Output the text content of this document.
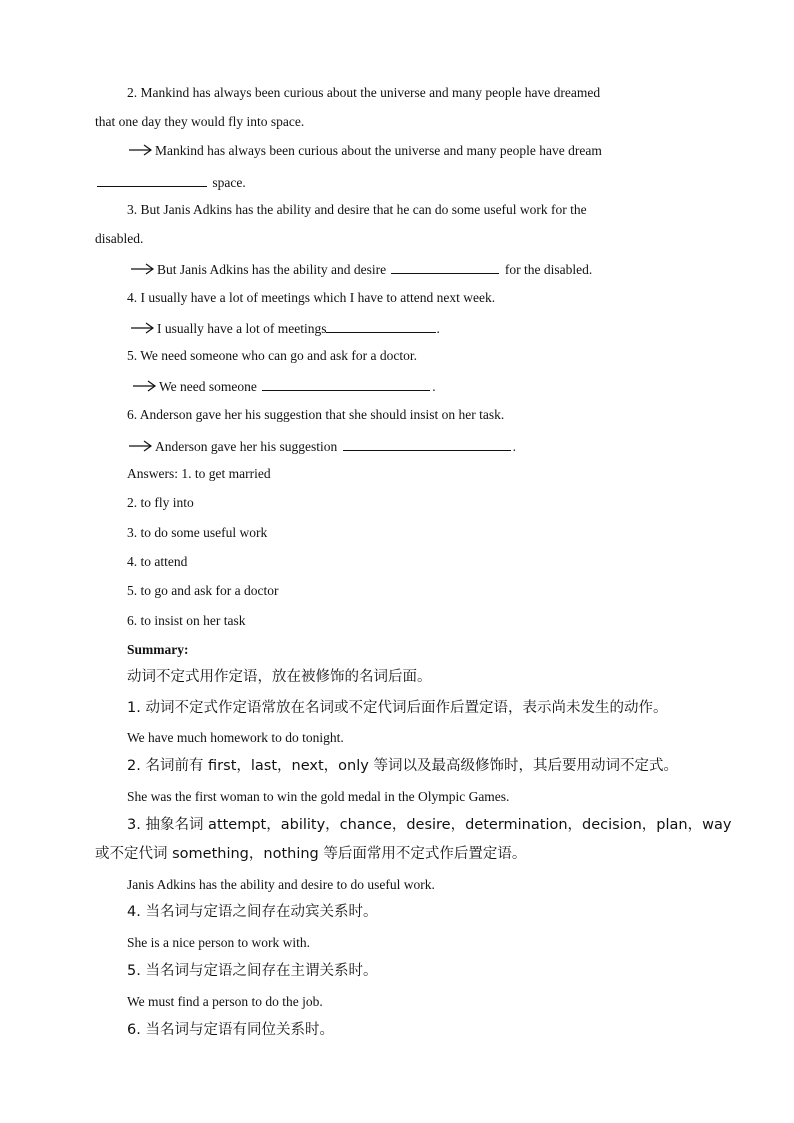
2. Mankind has always been curious about the universe and many people have dreamed
that one day they would fly into space.
Mankind has always been curious about the universe and many people have dream
space.
3. But Janis Adkins has the ability and desire that he can do some useful work for the
disabled.
But Janis Adkins has the ability and desire	for the disabled.
4. I usually have a lot of meetings which I have to attend next week.
I usually have a lot of meetings	.
5. We need someone who can go and ask for a doctor.
We need someone	.
6. Anderson gave her his suggestion that she should insist on her task.
Anderson gave her his suggestion	.
Answers: 1. to get married
2. to fly into
3. to do some useful work
4. to attend
5. to go and ask for a doctor
6. to insist on her task
Summary:
动词不定式用作定语，放在被修饰的名词后面。
1. 动词不定式作定语常放在名词或不定代词后面作后置定语，表示尚未发生的动作。
We have much homework to do tonight.
2. 名词前有 first，last，next，only 等词以及最高级修饰时，其后要用动词不定式。
She was the first woman to win the gold medal in the Olympic Games.
3. 抽象名词 attempt，ability，chance，desire，determination，decision，plan，way
或不定代词 something，nothing 等后面常用不定式作后置定语。
Janis Adkins has the ability and desire to do useful work.
4. 当名词与定语之间存在动宾关系时。
She is a nice person to work with.
5. 当名词与定语之间存在主谓关系时。
We must find a person to do the job.
6. 当名词与定语有同位关系时。
